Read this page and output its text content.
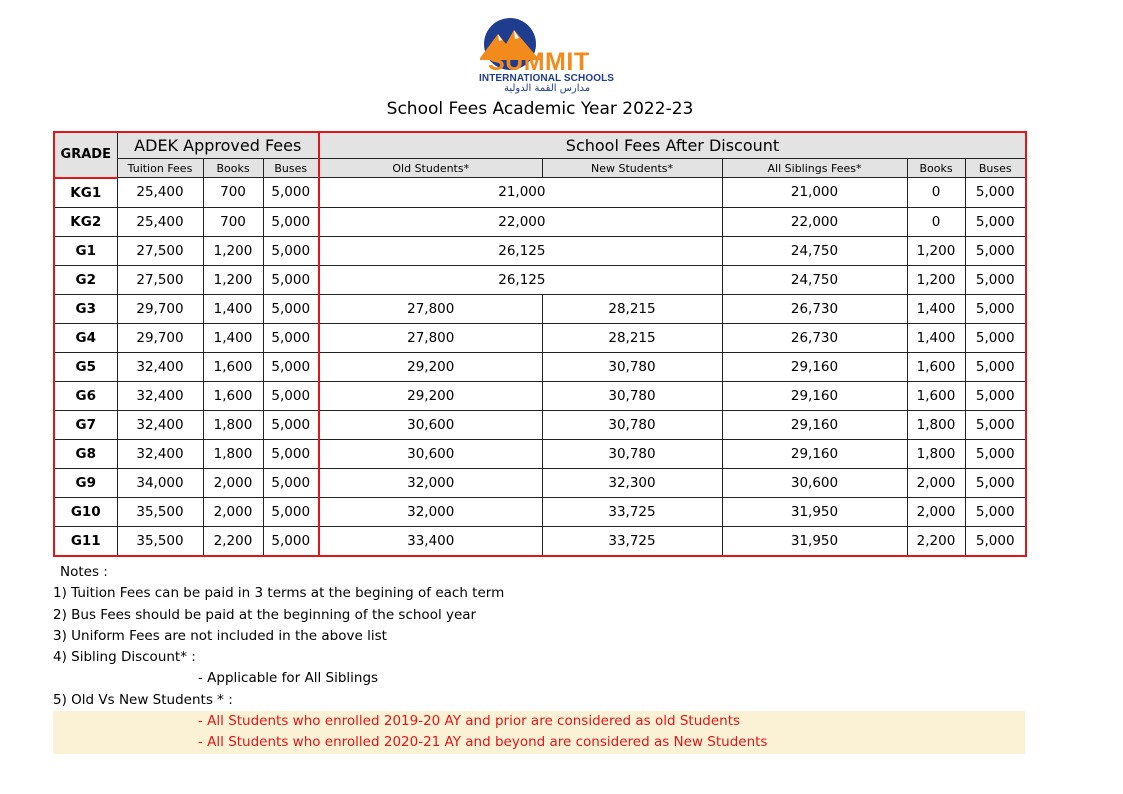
SUMMIT
INTERNATIONAL SCHOOLS
مدارس القمة الدولية
School Fees Academic Year 2022-23
GRADE	ADEK Approved Fees			School Fees After Discount				
	Tuition Fees	Books	Buses	Old Students*	New Students*	All Siblings Fees*	Books	Buses
KG1	25,400	700	5,000	21,000		21,000	0	5,000
KG2	25,400	700	5,000	22,000		22,000	0	5,000
G1	27,500	1,200	5,000	26,125		24,750	1,200	5,000
G2	27,500	1,200	5,000	26,125		24,750	1,200	5,000
G3	29,700	1,400	5,000	27,800	28,215	26,730	1,400	5,000
G4	29,700	1,400	5,000	27,800	28,215	26,730	1,400	5,000
G5	32,400	1,600	5,000	29,200	30,780	29,160	1,600	5,000
G6	32,400	1,600	5,000	29,200	30,780	29,160	1,600	5,000
G7	32,400	1,800	5,000	30,600	30,780	29,160	1,800	5,000
G8	32,400	1,800	5,000	30,600	30,780	29,160	1,800	5,000
G9	34,000	2,000	5,000	32,000	32,300	30,600	2,000	5,000
G10	35,500	2,000	5,000	32,000	33,725	31,950	2,000	5,000
G11	35,500	2,200	5,000	33,400	33,725	31,950	2,200	5,000
Notes :
1) Tuition Fees can be paid in 3 terms at the begining of each term
2) Bus Fees should be paid at the beginning of the school year
3) Uniform Fees are not included in the above list
4) Sibling Discount* :
- Applicable for All Siblings
5) Old Vs New Students * :
- All Students who enrolled 2019-20 AY and prior are considered as old Students
- All Students who enrolled 2020-21 AY and beyond are considered as New Students
